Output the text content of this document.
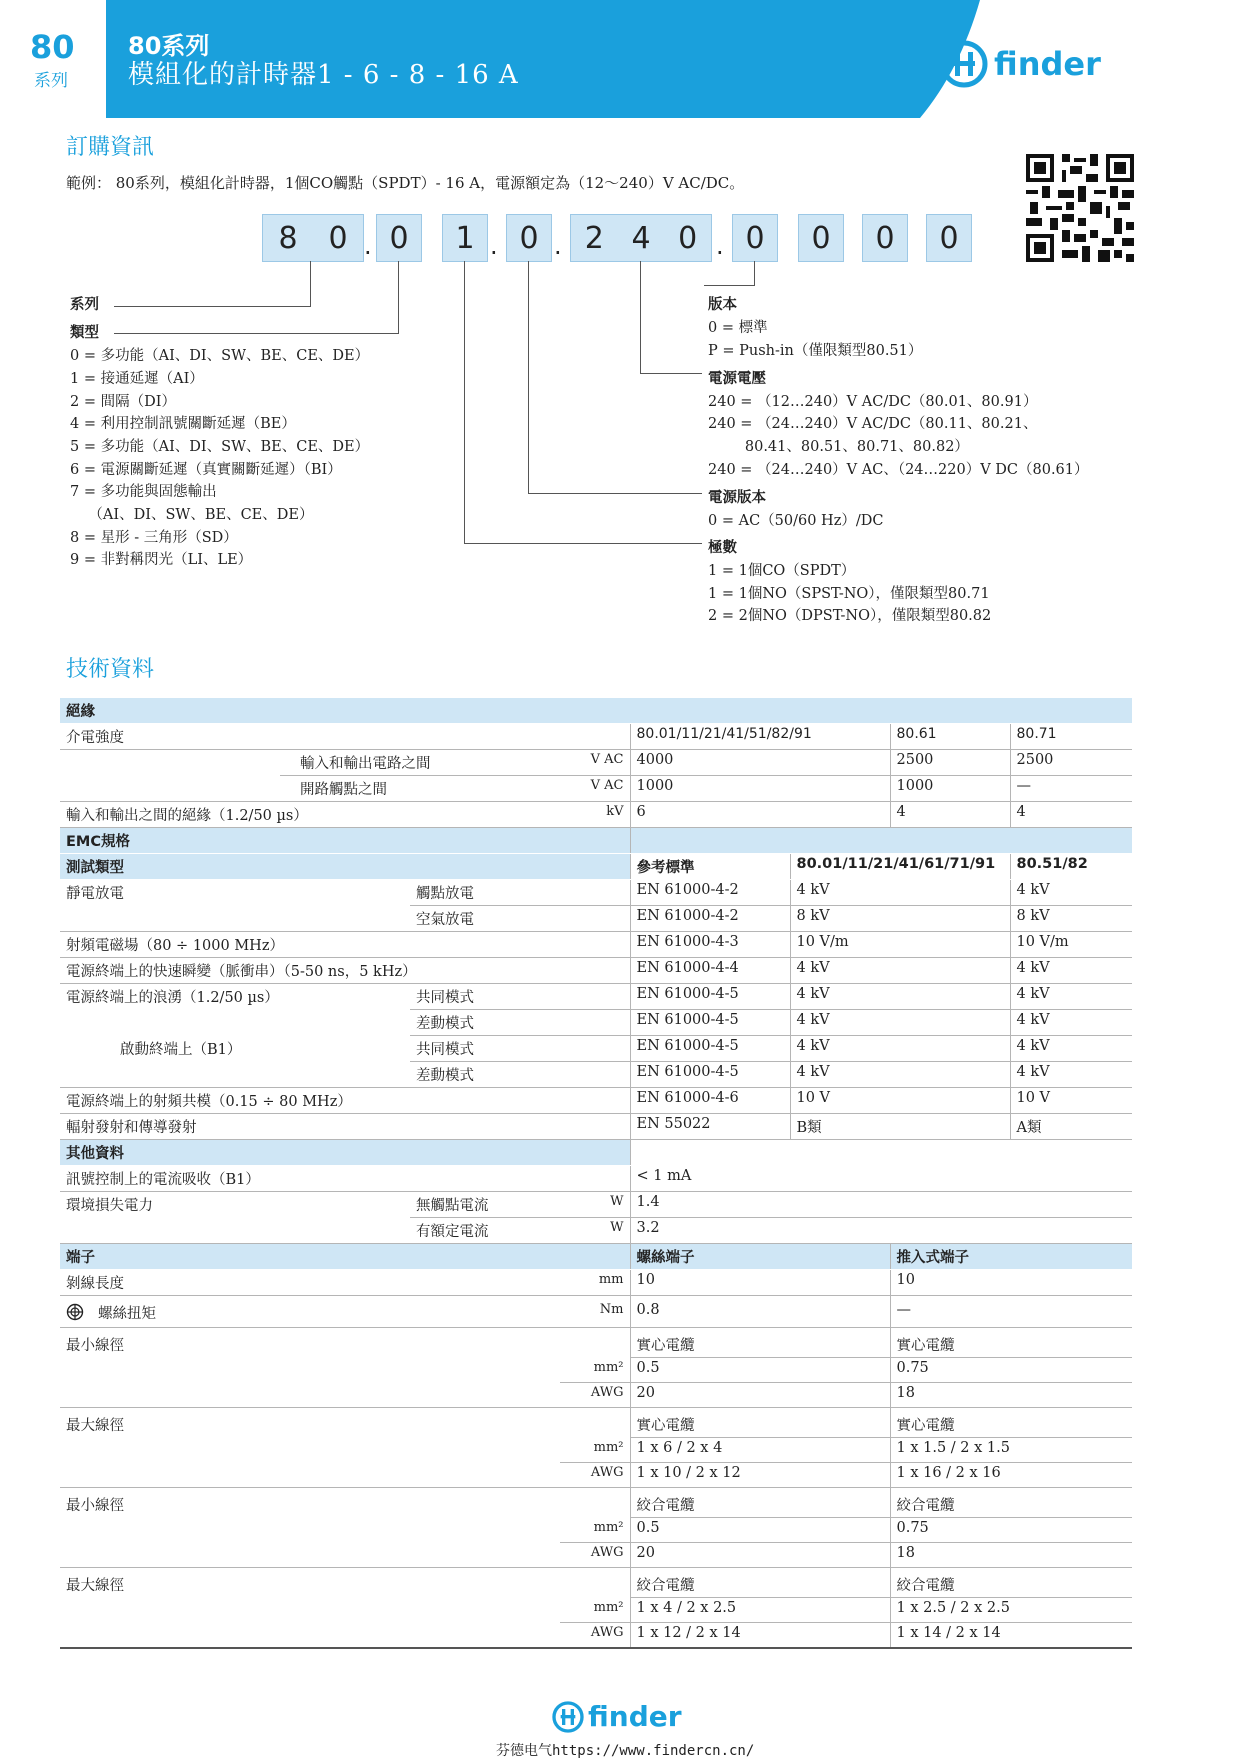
80
系列
80系列
模組化的計時器1 - 6 - 8 - 16 A	finder
訂購資訊
範例： 80系列，模組化計時器，1個CO觸點（SPDT）- 16 A，電源額定為（12～240）V AC/DC。
8 0 . 0 1 . 0 . 2 4 0 . 0 0 0 0
系列
類型
0 = 多功能（AI、DI、SW、BE、CE、DE）
1 = 接通延遲（AI）
2 = 間隔（DI）
4 = 利用控制訊號關斷延遲（BE）
5 = 多功能（AI、DI、SW、BE、CE、DE）
6 = 電源關斷延遲（真實關斷延遲）（BI）
7 = 多功能與固態輸出
（AI、DI、SW、BE、CE、DE）
8 = 星形 - 三角形（SD）
9 = 非對稱閃光（LI、LE）
版本
0 = 標準
P = Push-in（僅限類型80.51）
電源電壓
240 = （12…240）V AC/DC（80.01、80.91）
240 = （24…240）V AC/DC（80.11、80.21、
80.41、80.51、80.71、80.82）
240 = （24…240）V AC、（24…220）V DC（80.61）
電源版本
0 = AC（50/60 Hz）/DC
極數
1 = 1個CO（SPDT）
1 = 1個NO（SPST-NO），僅限類型80.71
2 = 2個NO（DPST-NO），僅限類型80.82
技術資料
絕緣							
介電強度				80.01/11/21/41/51/82/91		80.61	80.71
	輸入和輸出電路之間		V AC	4000		2500	2500
	開路觸點之間		V AC	1000		1000	—
輸入和輸出之間的絕緣（1.2/50 µs）			kV	6		4	4
EMC規格							
測試類型				參考標準	80.01/11/21/41/61/71/91		80.51/82
靜電放電		觸點放電		EN 61000-4-2	4 kV		4 kV
		空氣放電		EN 61000-4-2	8 kV		8 kV
射頻電磁場（80 ÷ 1000 MHz）				EN 61000-4-3	10 V/m		10 V/m
電源終端上的快速瞬變（脈衝串）（5-50 ns，5 kHz）				EN 61000-4-4	4 kV		4 kV
電源終端上的浪湧（1.2/50 µs）		共同模式		EN 61000-4-5	4 kV		4 kV
		差動模式		EN 61000-4-5	4 kV		4 kV
啟動終端上（B1）		共同模式		EN 61000-4-5	4 kV		4 kV
		差動模式		EN 61000-4-5	4 kV		4 kV
電源終端上的射頻共模（0.15 ÷ 80 MHz）				EN 61000-4-6	10 V		10 V
輻射發射和傳導發射				EN 55022	B類		A類
其他資料							
訊號控制上的電流吸收（B1）				< 1 mA			
環境損失電力		無觸點電流	W	1.4			
		有額定電流	W	3.2			
端子				螺絲端子		推入式端子	
剝線長度			mm	10		10	
螺絲扭矩			Nm	0.8		—	
最小線徑				實心電纜		實心電纜	
			mm²	0.5		0.75	
			AWG	20		18	
最大線徑				實心電纜		實心電纜	
			mm²	1 x 6 / 2 x 4		1 x 1.5 / 2 x 1.5	
			AWG	1 x 10 / 2 x 12		1 x 16 / 2 x 16	
最小線徑				絞合電纜		絞合電纜	
			mm²	0.5		0.75	
			AWG	20		18	
最大線徑				絞合電纜		絞合電纜	
			mm²	1 x 4 / 2 x 2.5		1 x 2.5 / 2 x 2.5	
			AWG	1 x 12 / 2 x 14		1 x 14 / 2 x 14	
finder
芬德电气https://www.findercn.cn/
